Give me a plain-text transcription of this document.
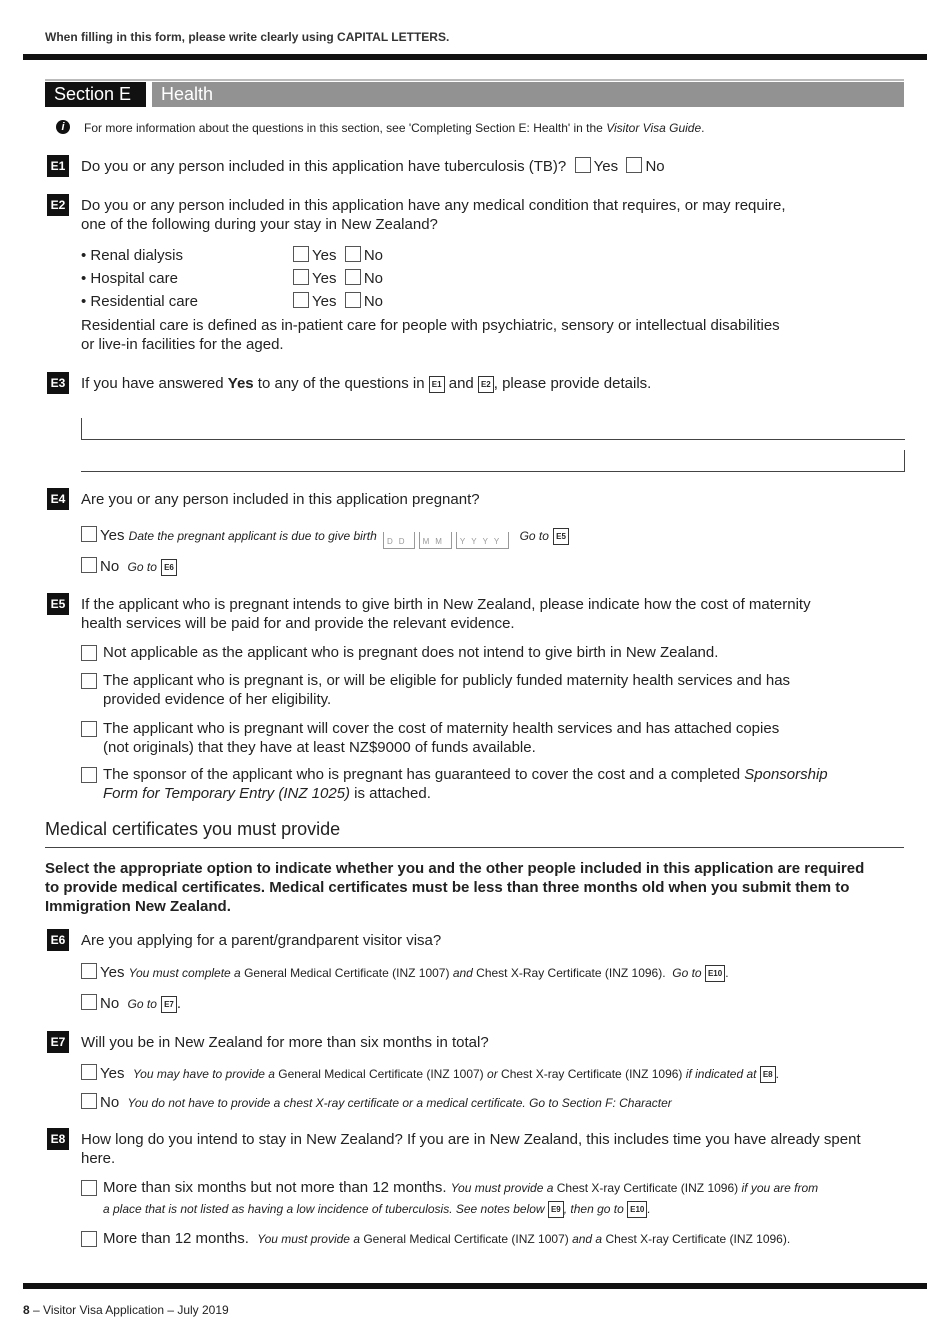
When filling in this form, please write clearly using CAPITAL LETTERS.
Section E	Health
i	For more information about the questions in this section, see 'Completing Section E: Health' in the Visitor Visa Guide.
E1 Do you or any person included in this application have tuberculosis (TB)? Yes No
E2 Do you or any person included in this application have any medical condition that requires, or may require,
one of the following during your stay in New Zealand?
• Renal dialysis
• Hospital care
• Residential care
Yes No
Yes No
Yes No
Residential care is defined as in-patient care for people with psychiatric, sensory or intellectual disabilities
or live-in facilities for the aged.
E3 If you have answered Yes to any of the questions in E1 and E2 , please provide details.
E4 Are you or any person included in this application pregnant?
Yes Date the pregnant applicant is due to give birth DD MM YYYY Go to E5
No Go to E6
E5 If the applicant who is pregnant intends to give birth in New Zealand, please indicate how the cost of maternity
health services will be paid for and provide the relevant evidence.
Not applicable as the applicant who is pregnant does not intend to give birth in New Zealand.
The applicant who is pregnant is, or will be eligible for publicly funded maternity health services and has
provided evidence of her eligibility.
The applicant who is pregnant will cover the cost of maternity health services and has attached copies
(not originals) that they have at least NZ$9000 of funds available.
The sponsor of the applicant who is pregnant has guaranteed to cover the cost and a completed Sponsorship
Form for Temporary Entry (INZ 1025) is attached.
Medical certificates you must provide
Select the appropriate option to indicate whether you and the other people included in this application are required
to provide medical certificates. Medical certificates must be less than three months old when you submit them to
Immigration New Zealand.
E6 Are you applying for a parent/grandparent visitor visa?
Yes You must complete a General Medical Certificate (INZ 1007) and Chest X-Ray Certificate (INZ 1096). Go to E10 .
No Go to E7 .
E7 Will you be in New Zealand for more than six months in total?
Yes You may have to provide a General Medical Certificate (INZ 1007) or Chest X-ray Certificate (INZ 1096) if indicated at E8 .
No You do not have to provide a chest X-ray certificate or a medical certificate. Go to Section F: Character
E8 How long do you intend to stay in New Zealand? If you are in New Zealand, this includes time you have already spent
here.
More than six months but not more than 12 months. You must provide a Chest X-ray Certificate (INZ 1096) if you are from
a place that is not listed as having a low incidence of tuberculosis. See notes below E9 , then go to E10 .
More than 12 months. You must provide a General Medical Certificate (INZ 1007) and a Chest X-ray Certificate (INZ 1096).
8 – Visitor Visa Application – July 2019
